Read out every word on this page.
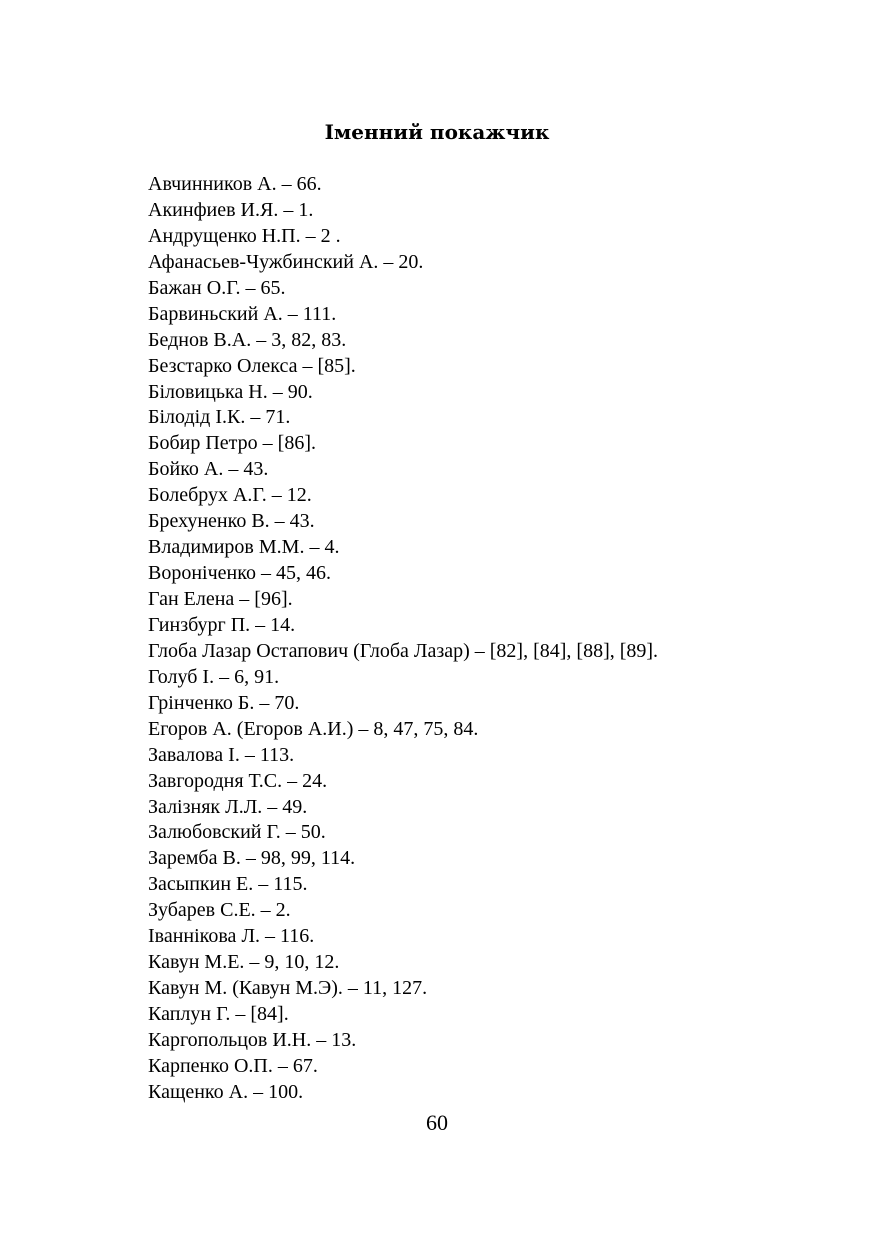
Іменний покажчик
Авчинников А. – 66.
Акинфиев И.Я. – 1.
Андрущенко Н.П. – 2 .
Афанасьев-Чужбинский А. – 20.
Бажан О.Г. – 65.
Барвиньский А. – 111.
Беднов В.А. – 3, 82, 83.
Безстарко Олекса – [85].
Біловицька Н. – 90.
Білодід І.К. – 71.
Бобир Петро – [86].
Бойко А. – 43.
Болебрух А.Г. – 12.
Брехуненко В. – 43.
Владимиров М.М. – 4.
Вороніченко – 45, 46.
Ган Елена – [96].
Гинзбург П. – 14.
Глоба Лазар Остапович (Глоба Лазар) – [82], [84], [88], [89].
Голуб І. – 6, 91.
Грінченко Б. – 70.
Егоров А. (Егоров А.И.) – 8, 47, 75, 84.
Завалова І. – 113.
Завгородня Т.С. – 24.
Залізняк Л.Л. – 49.
Залюбовский Г. – 50.
Заремба В. – 98, 99, 114.
Засыпкин Е. – 115.
Зубарев С.Е. – 2.
Іваннікова Л. – 116.
Кавун М.Е. – 9, 10, 12.
Кавун М. (Кавун М.Э). – 11, 127.
Каплун Г. – [84].
Каргопольцов И.Н. – 13.
Карпенко О.П. – 67.
Кащенко А. – 100.
60
